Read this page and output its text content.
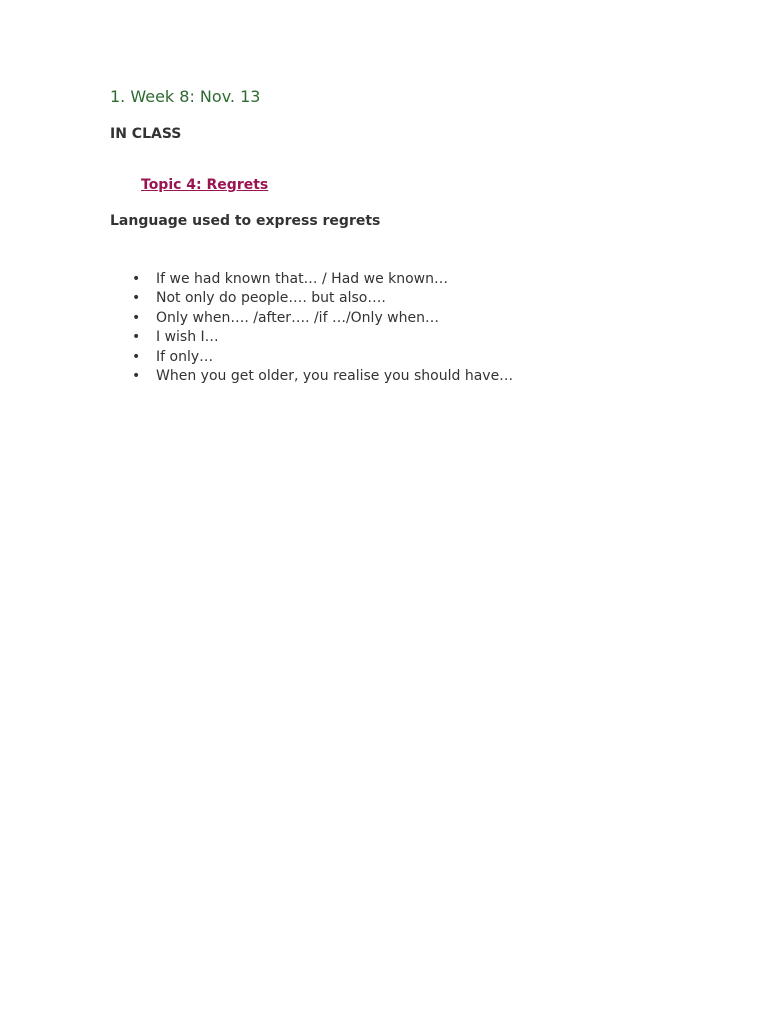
1. Week 8: Nov. 13
IN CLASS
Topic 4: Regrets
Language used to express regrets
• If we had known that… / Had we known…
• Not only do people…. but also….
• Only when…. /after…. /if …/Only when…
• I wish I…
• If only…
• When you get older, you realise you should have…
